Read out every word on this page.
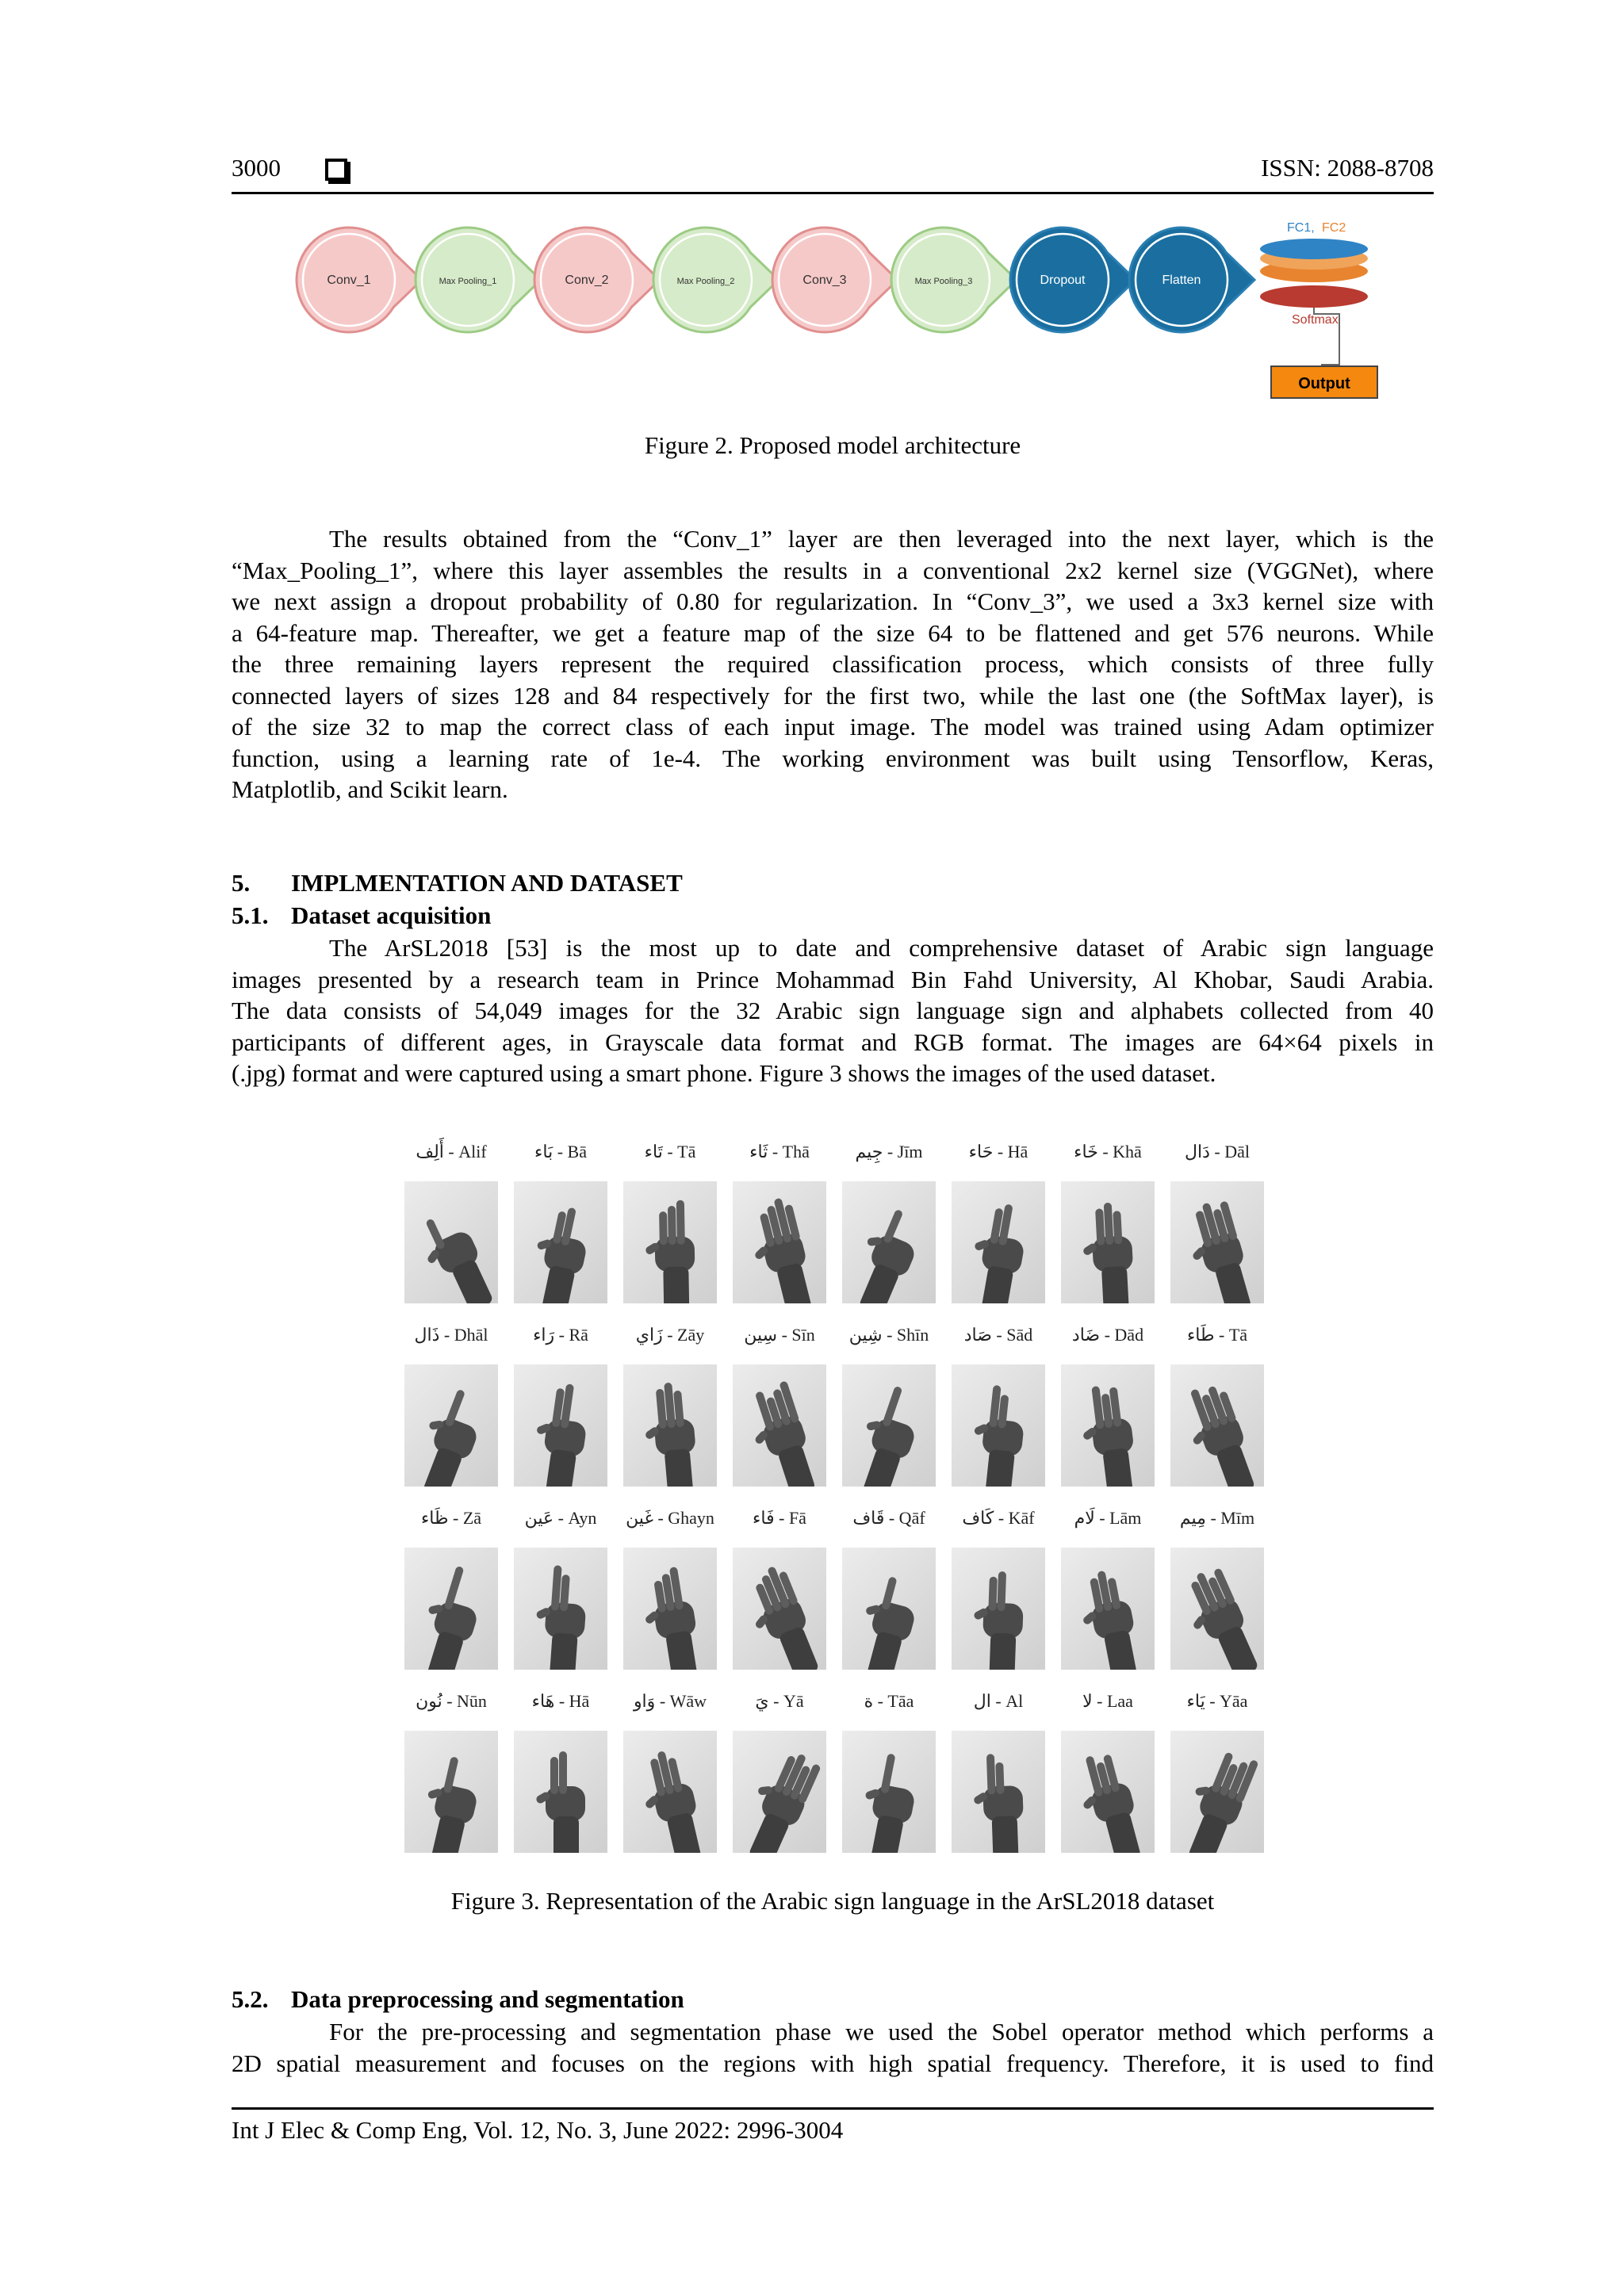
3000	ISSN: 2088-8708
Conv_1	Max Pooling_1	Conv_2	Max Pooling_2	Conv_3	Max Pooling_3	Dropout	Flatten
FC1, FC2
Softmax
Output
Figure 2. Proposed model architecture
The results obtained from the “Conv_1” layer are then leveraged into the next layer, which is the
“Max_Pooling_1”, where this layer assembles the results in a conventional 2x2 kernel size (VGGNet), where
we next assign a dropout probability of 0.80 for regularization. In “Conv_3”, we used a 3x3 kernel size with
a 64-feature map. Thereafter, we get a feature map of the size 64 to be flattened and get 576 neurons. While
the three remaining layers represent the required classification process, which consists of three fully
connected layers of sizes 128 and 84 respectively for the first two, while the last one (the SoftMax layer), is
of the size 32 to map the correct class of each input image. The model was trained using Adam optimizer
function, using a learning rate of 1e-4. The working environment was built using Tensorflow, Keras,
Matplotlib, and Scikit learn.
5. IMPLMENTATION AND DATASET
5.1. Dataset acquisition
The ArSL2018 [53] is the most up to date and comprehensive dataset of Arabic sign language
images presented by a research team in Prince Mohammad Bin Fahd University, Al Khobar, Saudi Arabia.
The data consists of 54,049 images for the 32 Arabic sign language sign and alphabets collected from 40
participants of different ages, in Grayscale data format and RGB format. The images are 64×64 pixels in
(.jpg) format and were captured using a smart phone. Figure 3 shows the images of the used dataset.
أَلِف - Alif	بَاء - Bā	تَاء - Tā	ثَاء - Thā	جِيم - Jīm	حَاء - Hā	خَاء - Khā	دَال - Dāl
ذَال - Dhāl	رَاء - Rā	زَاي - Zāy	سِين - Sīn	شِين - Shīn	صَاد - Sād	ضَاد - Dād	طَاء - Tā
ظَاء - Zā	عَين - Ayn	غَين - Ghayn	فَاء - Fā	قَاف - Qāf	كَاف - Kāf	لَام - Lām	مِيم - Mīm
نُون - Nūn	هَاء - Hā	وَاو - Wāw	يَ - Yā	ة - Tāa	ال - Al	لا - Laa	يَاء - Yāa
Figure 3. Representation of the Arabic sign language in the ArSL2018 dataset
5.2. Data preprocessing and segmentation
For the pre-processing and segmentation phase we used the Sobel operator method which performs a
2D spatial measurement and focuses on the regions with high spatial frequency. Therefore, it is used to find
Int J Elec & Comp Eng, Vol. 12, No. 3, June 2022: 2996-3004
